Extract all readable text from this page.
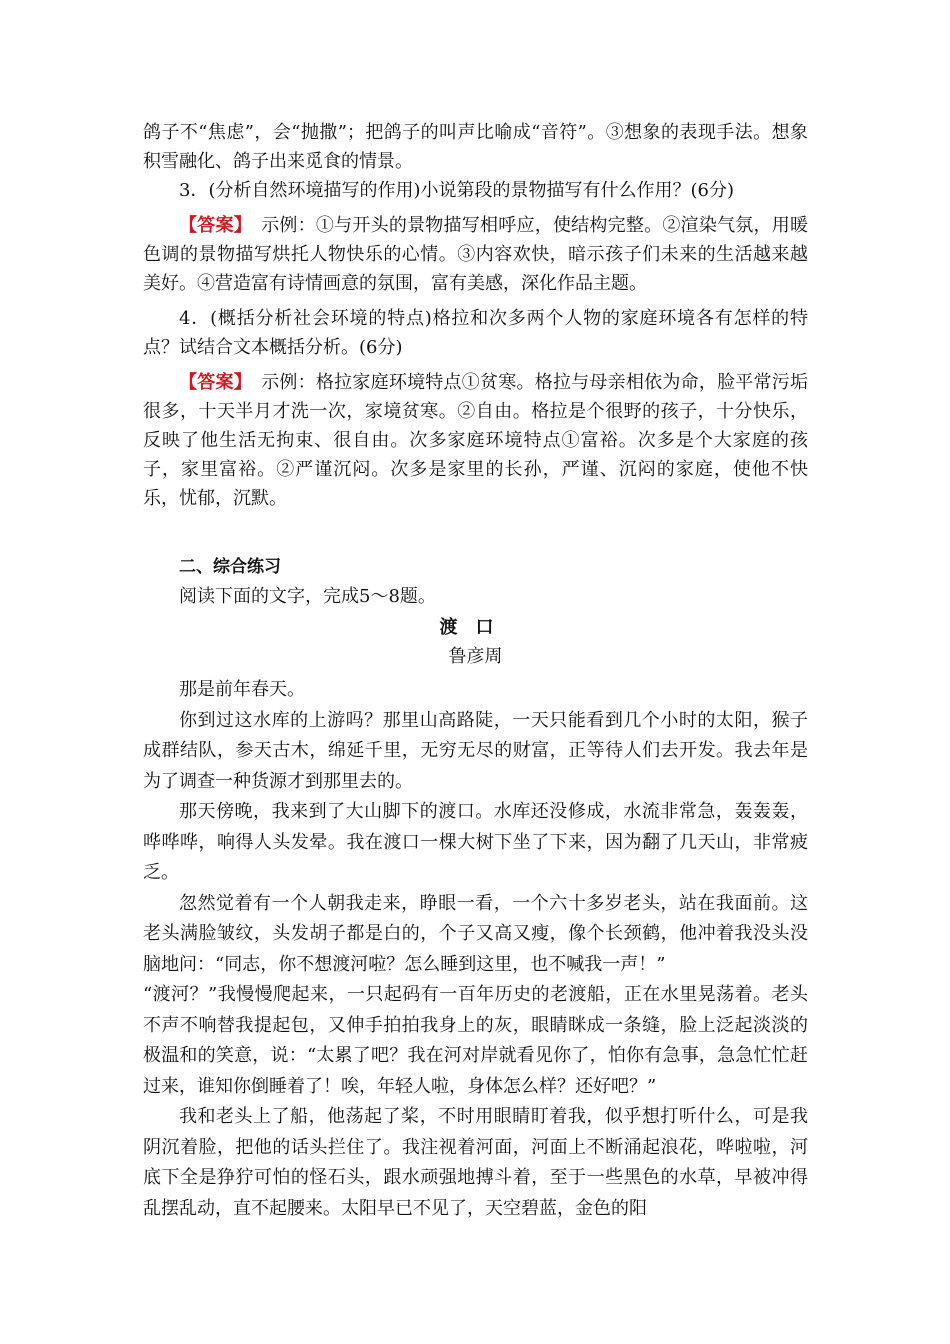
鸽子不“焦虑”，会“抛撒”；把鸽子的叫声比喻成“音符”。③想象的表现手法。想象积雪融化、鸽子出来觅食的情景。

3．(分析自然环境描写的作用)小说第段的景物描写有什么作用？(6分)

【答案】　示例：①与开头的景物描写相呼应，使结构完整。②渲染气氛，用暖色调的景物描写烘托人物快乐的心情。③内容欢快，暗示孩子们未来的生活越来越美好。④营造富有诗情画意的氛围，富有美感，深化作品主题。

4．(概括分析社会环境的特点)格拉和次多两个人物的家庭环境各有怎样的特点？试结合文本概括分析。(6分)

【答案】　示例：格拉家庭环境特点①贫寒。格拉与母亲相依为命，脸平常污垢很多，十天半月才洗一次，家境贫寒。②自由。格拉是个很野的孩子，十分快乐，反映了他生活无拘束、很自由。次多家庭环境特点①富裕。次多是个大家庭的孩子，家里富裕。②严谨沉闷。次多是家里的长孙，严谨、沉闷的家庭，使他不快乐，忧郁，沉默。

二、综合练习

阅读下面的文字，完成5～8题。

渡口

鲁彦周

那是前年春天。

你到过这水库的上游吗？那里山高路陡，一天只能看到几个小时的太阳，猴子成群结队，参天古木，绵延千里，无穷无尽的财富，正等待人们去开发。我去年是为了调查一种货源才到那里去的。

那天傍晚，我来到了大山脚下的渡口。水库还没修成，水流非常急，轰轰轰，哗哗哗，响得人头发晕。我在渡口一棵大树下坐了下来，因为翻了几天山，非常疲乏。

忽然觉着有一个人朝我走来，睁眼一看，一个六十多岁老头，站在我面前。这老头满脸皱纹，头发胡子都是白的，个子又高又瘦，像个长颈鹤，他冲着我没头没脑地问：“同志，你不想渡河啦？怎么睡到这里，也不喊我一声！”

“渡河？”我慢慢爬起来，一只起码有一百年历史的老渡船，正在水里晃荡着。老头不声不响替我提起包，又伸手拍拍我身上的灰，眼睛眯成一条缝，脸上泛起淡淡的极温和的笑意，说：“太累了吧？我在河对岸就看见你了，怕你有急事，急急忙忙赶过来，谁知你倒睡着了！唉，年轻人啦，身体怎么样？还好吧？”

我和老头上了船，他荡起了桨，不时用眼睛盯着我，似乎想打听什么，可是我阴沉着脸，把他的话头拦住了。我注视着河面，河面上不断涌起浪花，哗啦啦，河底下全是狰狞可怕的怪石头，跟水顽强地搏斗着，至于一些黑色的水草，早被冲得乱摆乱动，直不起腰来。太阳早已不见了，天空碧蓝，金色的阳
